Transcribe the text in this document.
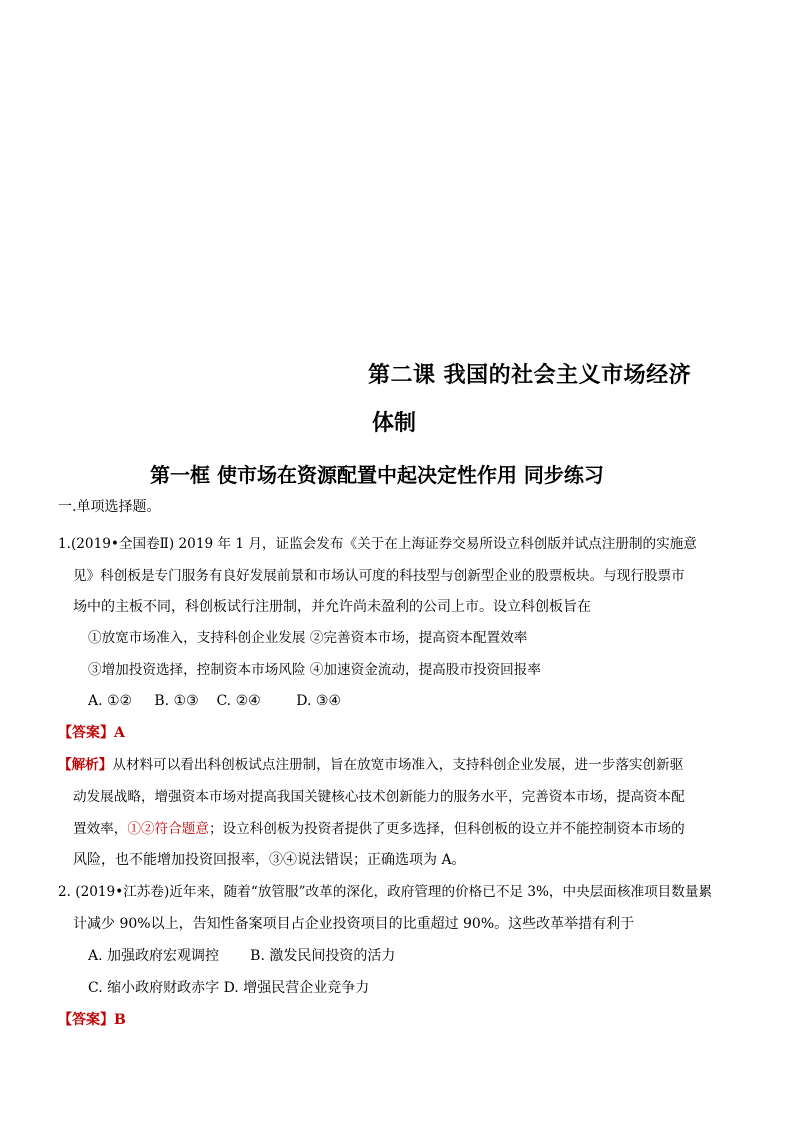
第二课 我国的社会主义市场经济
体制
第一框 使市场在资源配置中起决定性作用 同步练习
一.单项选择题。
1.(2019•全国卷Ⅱ) 2019 年 1 月，证监会发布《关于在上海证券交易所设立科创版并试点注册制的实施意
见》科创板是专门服务有良好发展前景和市场认可度的科技型与创新型企业的股票板块。与现行股票市
场中的主板不同，科创板试行注册制，并允许尚未盈利的公司上市。设立科创板旨在
①放宽市场准入，支持科创企业发展 ②完善资本市场，提高资本配置效率
③增加投资选择，控制资本市场风险 ④加速资金流动，提高股市投资回报率
A. ①②     B. ①③    C. ②④        D. ③④
【答案】A
【解析】从材料可以看出科创板试点注册制，旨在放宽市场准入，支持科创企业发展，进一步落实创新驱
动发展战略，增强资本市场对提高我国关键核心技术创新能力的服务水平，完善资本市场，提高资本配
置效率，①②符合题意；设立科创板为投资者提供了更多选择，但科创板的设立并不能控制资本市场的
风险，也不能增加投资回报率，③④说法错误；正确选项为 A。
2. (2019•江苏卷)近年来，随着“放管服”改革的深化，政府管理的价格已不足 3%，中央层面核准项目数量累
计减少 90%以上，告知性备案项目占企业投资项目的比重超过 90%。这些改革举措有利于
A. 加强政府宏观调控       B. 激发民间投资的活力
C. 缩小政府财政赤字 D. 增强民营企业竞争力
【答案】B
